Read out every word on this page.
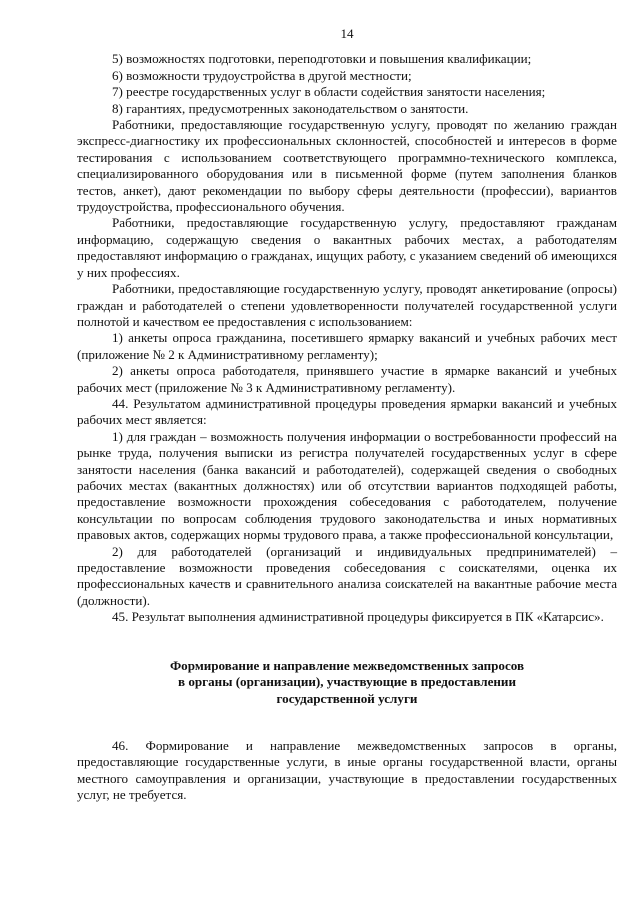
14

5) возможностях подготовки, переподготовки и повышения квалификации;

6) возможности трудоустройства в другой местности;

7) реестре государственных услуг в области содействия занятости населения;

8) гарантиях, предусмотренных законодательством о занятости.

Работники, предоставляющие государственную услугу, проводят по желанию граждан экспресс-диагностику их профессиональных склонностей, способностей и интересов в форме тестирования с использованием соответствующего программно-технического комплекса, специализированного оборудования или в письменной форме (путем заполнения бланков тестов, анкет), дают рекомендации по выбору сферы деятельности (профессии), вариантов трудоустройства, профессионального обучения.

Работники, предоставляющие государственную услугу, предоставляют гражданам информацию, содержащую сведения о вакантных рабочих местах, а работодателям предоставляют информацию о гражданах, ищущих работу, с указанием сведений об имеющихся у них профессиях.

Работники, предоставляющие государственную услугу, проводят анкетирование (опросы) граждан и работодателей о степени удовлетворенности получателей государственной услуги полнотой и качеством ее предоставления с использованием:

1) анкеты опроса гражданина, посетившего ярмарку вакансий и учебных рабочих мест (приложение № 2 к Административному регламенту);

2) анкеты опроса работодателя, принявшего участие в ярмарке вакансий и учебных рабочих мест (приложение № 3 к Административному регламенту).

44. Результатом административной процедуры проведения ярмарки вакансий и учебных рабочих мест является:

1) для граждан – возможность получения информации о востребованности профессий на рынке труда, получения выписки из регистра получателей государственных услуг в сфере занятости населения (банка вакансий и работодателей), содержащей сведения о свободных рабочих местах (вакантных должностях) или об отсутствии вариантов подходящей работы, предоставление возможности прохождения собеседования с работодателем, получение консультации по вопросам соблюдения трудового законодательства и иных нормативных правовых актов, содержащих нормы трудового права, а также профессиональной консультации,

2) для работодателей (организаций и индивидуальных предпринимателей) – предоставление возможности проведения собеседования с соискателями, оценка их профессиональных качеств и сравнительного анализа соискателей на вакантные рабочие места (должности).

45. Результат выполнения административной процедуры фиксируется в ПК «Катарсис».

Формирование и направление межведомственных запросов
в органы (организации), участвующие в предоставлении
государственной услуги

46. Формирование и направление межведомственных запросов в органы, предоставляющие государственные услуги, в иные органы государственной власти, органы местного самоуправления и организации, участвующие в предоставлении государственных услуг, не требуется.
